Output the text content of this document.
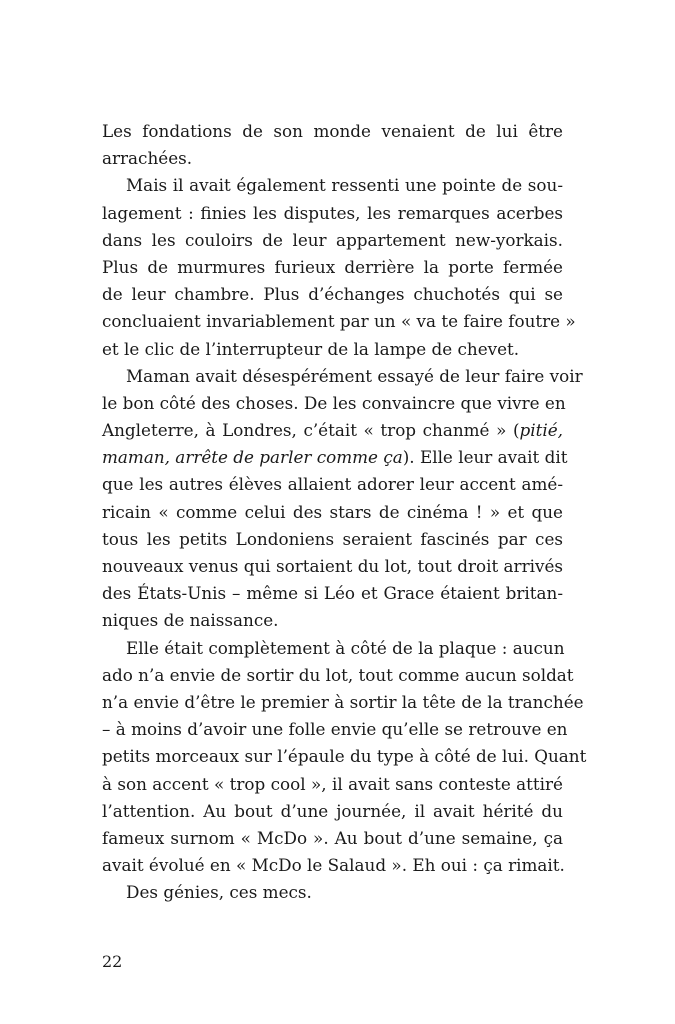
Les fondations de son monde venaient de lui être
arrachées.
Mais il avait également ressenti une pointe de sou-
lagement : finies les disputes, les remarques acerbes
dans les couloirs de leur appartement new-yorkais.
Plus de murmures furieux derrière la porte fermée
de leur chambre. Plus d’échanges chuchotés qui se
concluaient invariablement par un « va te faire foutre »
et le clic de l’interrupteur de la lampe de chevet.
Maman avait désespérément essayé de leur faire voir
le bon côté des choses. De les convaincre que vivre en
Angleterre, à Londres, c’était « trop chanmé » (pitié,
maman, arrête de parler comme ça). Elle leur avait dit
que les autres élèves allaient adorer leur accent amé-
ricain « comme celui des stars de cinéma ! » et que
tous les petits Londoniens seraient fascinés par ces
nouveaux venus qui sortaient du lot, tout droit arrivés
des États-Unis – même si Léo et Grace étaient britan-
niques de naissance.
Elle était complètement à côté de la plaque : aucun
ado n’a envie de sortir du lot, tout comme aucun soldat
n’a envie d’être le premier à sortir la tête de la tranchée
– à moins d’avoir une folle envie qu’elle se retrouve en
petits morceaux sur l’épaule du type à côté de lui. Quant
à son accent « trop cool », il avait sans conteste attiré
l’attention. Au bout d’une journée, il avait hérité du
fameux surnom « McDo ». Au bout d’une semaine, ça
avait évolué en « McDo le Salaud ». Eh oui : ça rimait.
Des génies, ces mecs.
22
